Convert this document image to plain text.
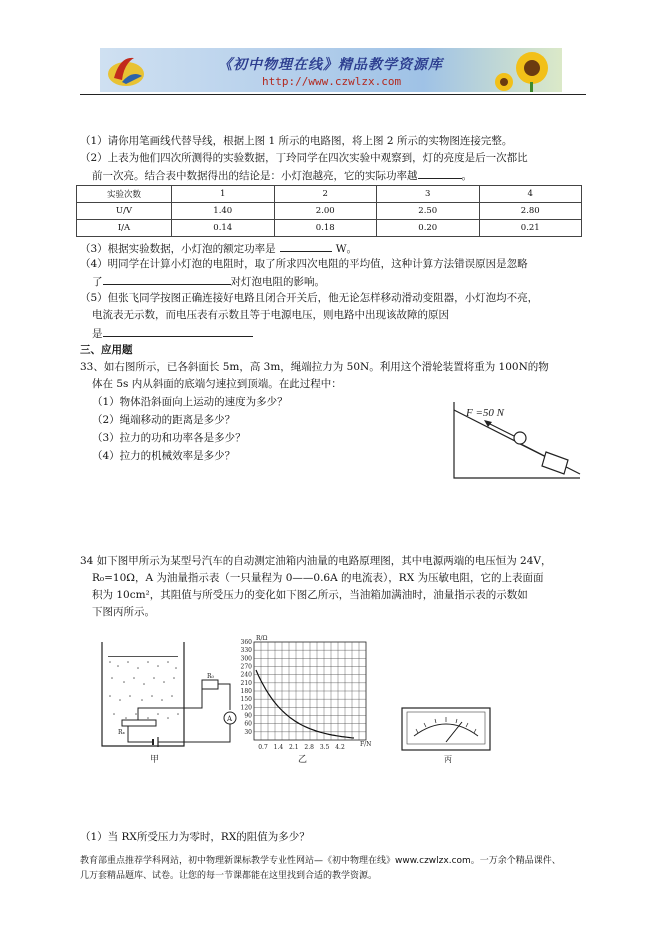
《初中物理在线》精品教学资源库
http://www.czwlzx.com
（1）请你用笔画线代替导线，根据上图 1 所示的电路图，将上图 2 所示的实物图连接完整。
（2）上表为他们四次所测得的实验数据，丁玲同学在四次实验中观察到，灯的亮度是后一次都比
前一次亮。结合表中数据得出的结论是：小灯泡越亮，它的实际功率越	。
实验次数	1	2	3	4
U/V	1.40	2.00	2.50	2.80
I/A	0.14	0.18	0.20	0.21
（3）根据实验数据，小灯泡的额定功率是	W。
（4）明同学在计算小灯泡的电阻时，取了所求四次电阻的平均值，这种计算方法错误原因是忽略
了	对灯泡电阻的影响。
（5）但张飞同学按图正确连接好电路且闭合开关后，他无论怎样移动滑动变阻器，小灯泡均不亮，
电流表无示数，而电压表有示数且等于电源电压，则电路中出现该故障的原因
是
三、应用题
33、如右图所示，已各斜面长 5m，高 3m，绳端拉力为 50N。利用这个滑轮装置将重为 100N的物
体在 5s 内从斜面的底端匀速拉到顶端。在此过程中：
（1）物体沿斜面向上运动的速度为多少？
（2）绳端移动的距离是多少？
（3）拉力的功和功率各是多少？
（4）拉力的机械效率是多少？
F =50 N
34 如下图甲所示为某型号汽车的自动测定油箱内油量的电路原理图，其中电源两端的电压恒为 24V，
R₀=10Ω，A 为油量指示表（一只量程为 0——0.6A 的电流表），RX 为压敏电阻，它的上表面面
积为 10cm²，其阻值与所受压力的变化如下图乙所示，当油箱加满油时，油量指示表的示数如
下图丙所示。
R₀
A
Rₓ
甲
360
330
300
270
240
210
180
150
120
90
60
30
0.7 1.4 2.1 2.8 3.5 4.2
R/Ω
F/N
乙	丙
（1）当 RX所受压力为零时，RX的阻值为多少？
教育部重点推荐学科网站，初中物理新课标教学专业性网站—《初中物理在线》www.czwlzx.com。一万余个精品课件、
几万套精品题库、试卷。让您的每一节课都能在这里找到合适的教学资源。
